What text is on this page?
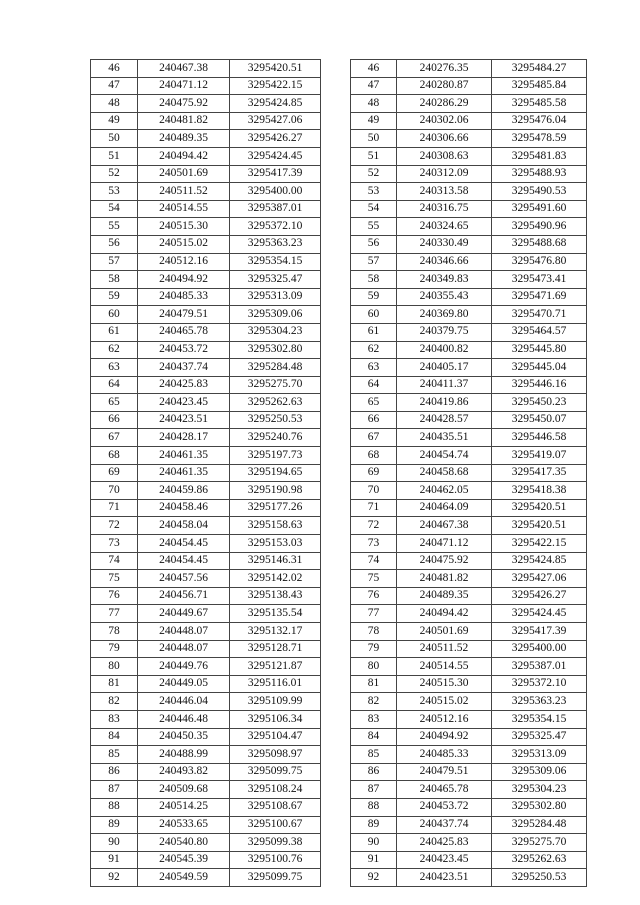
46	240467.38	3295420.51
47	240471.12	3295422.15
48	240475.92	3295424.85
49	240481.82	3295427.06
50	240489.35	3295426.27
51	240494.42	3295424.45
52	240501.69	3295417.39
53	240511.52	3295400.00
54	240514.55	3295387.01
55	240515.30	3295372.10
56	240515.02	3295363.23
57	240512.16	3295354.15
58	240494.92	3295325.47
59	240485.33	3295313.09
60	240479.51	3295309.06
61	240465.78	3295304.23
62	240453.72	3295302.80
63	240437.74	3295284.48
64	240425.83	3295275.70
65	240423.45	3295262.63
66	240423.51	3295250.53
67	240428.17	3295240.76
68	240461.35	3295197.73
69	240461.35	3295194.65
70	240459.86	3295190.98
71	240458.46	3295177.26
72	240458.04	3295158.63
73	240454.45	3295153.03
74	240454.45	3295146.31
75	240457.56	3295142.02
76	240456.71	3295138.43
77	240449.67	3295135.54
78	240448.07	3295132.17
79	240448.07	3295128.71
80	240449.76	3295121.87
81	240449.05	3295116.01
82	240446.04	3295109.99
83	240446.48	3295106.34
84	240450.35	3295104.47
85	240488.99	3295098.97
86	240493.82	3295099.75
87	240509.68	3295108.24
88	240514.25	3295108.67
89	240533.65	3295100.67
90	240540.80	3295099.38
91	240545.39	3295100.76
92	240549.59	3295099.75
46	240276.35	3295484.27
47	240280.87	3295485.84
48	240286.29	3295485.58
49	240302.06	3295476.04
50	240306.66	3295478.59
51	240308.63	3295481.83
52	240312.09	3295488.93
53	240313.58	3295490.53
54	240316.75	3295491.60
55	240324.65	3295490.96
56	240330.49	3295488.68
57	240346.66	3295476.80
58	240349.83	3295473.41
59	240355.43	3295471.69
60	240369.80	3295470.71
61	240379.75	3295464.57
62	240400.82	3295445.80
63	240405.17	3295445.04
64	240411.37	3295446.16
65	240419.86	3295450.23
66	240428.57	3295450.07
67	240435.51	3295446.58
68	240454.74	3295419.07
69	240458.68	3295417.35
70	240462.05	3295418.38
71	240464.09	3295420.51
72	240467.38	3295420.51
73	240471.12	3295422.15
74	240475.92	3295424.85
75	240481.82	3295427.06
76	240489.35	3295426.27
77	240494.42	3295424.45
78	240501.69	3295417.39
79	240511.52	3295400.00
80	240514.55	3295387.01
81	240515.30	3295372.10
82	240515.02	3295363.23
83	240512.16	3295354.15
84	240494.92	3295325.47
85	240485.33	3295313.09
86	240479.51	3295309.06
87	240465.78	3295304.23
88	240453.72	3295302.80
89	240437.74	3295284.48
90	240425.83	3295275.70
91	240423.45	3295262.63
92	240423.51	3295250.53
